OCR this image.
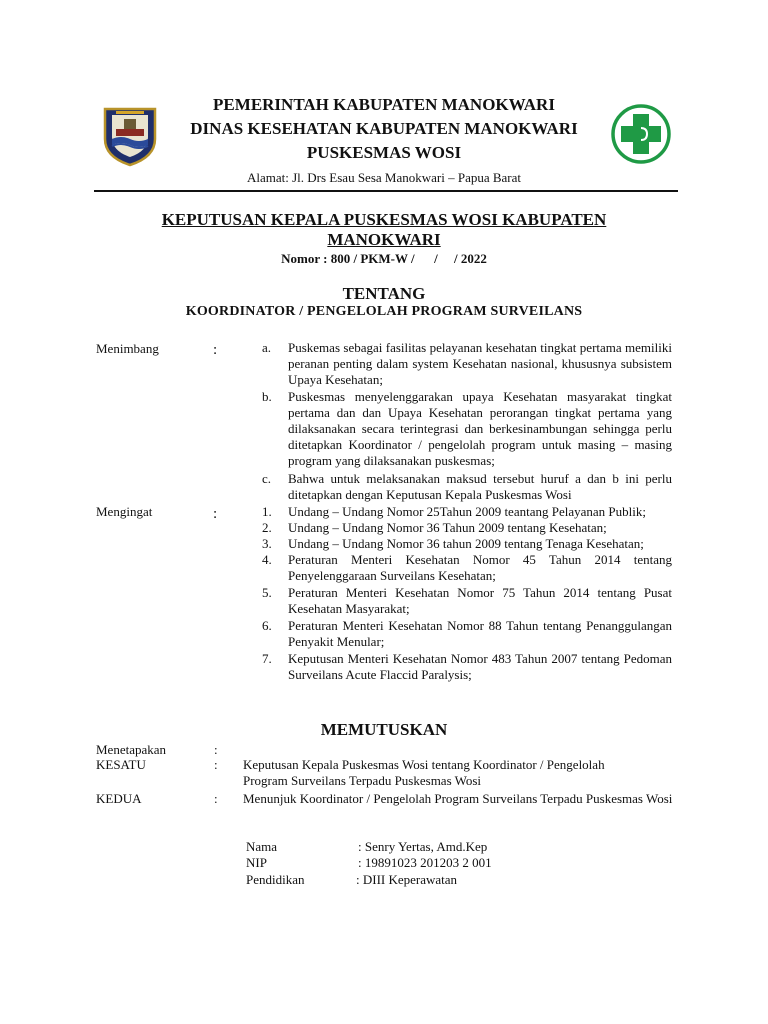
PEMERINTAH KABUPATEN MANOKWARI
DINAS KESEHATAN KABUPATEN MANOKWARI
PUSKESMAS WOSI
Alamat: Jl. Drs Esau Sesa Manokwari – Papua Barat
KEPUTUSAN KEPALA PUSKESMAS WOSI KABUPATEN MANOKWARI
Nomor : 800 / PKM-W /      /     / 2022
TENTANG
KOORDINATOR / PENGELOLAH PROGRAM SURVEILANS
Menimbang	:	a.	Puskemas sebagai fasilitas pelayanan kesehatan tingkat pertama memiliki peranan penting dalam system Kesehatan nasional, khususnya subsistem Upaya Kesehatan;
b.	Puskesmas menyelenggarakan upaya Kesehatan masyarakat tingkat pertama dan dan Upaya Kesehatan perorangan tingkat pertama yang dilaksanakan secara terintegrasi dan berkesinambungan sehingga perlu ditetapkan Koordinator / pengelolah program untuk masing – masing program yang dilaksanakan puskesmas;
c.	Bahwa untuk melaksanakan maksud tersebut huruf a dan b ini perlu ditetapkan dengan Keputusan Kepala Puskesmas Wosi
Mengingat	:	1.	Undang – Undang Nomor 25Tahun 2009 teantang Pelayanan Publik;
2.	Undang – Undang Nomor 36 Tahun 2009 tentang Kesehatan;
3.	Undang – Undang Nomor 36 tahun 2009 tentang Tenaga Kesehatan;
4.	Peraturan Menteri Kesehatan Nomor 45 Tahun 2014 tentang Penyelenggaraan Surveilans Kesehatan;
5.	Peraturan Menteri Kesehatan Nomor 75 Tahun 2014 tentang Pusat Kesehatan Masyarakat;
6.	Peraturan Menteri Kesehatan Nomor 88 Tahun tentang Penanggulangan Penyakit Menular;
7.	Keputusan Menteri Kesehatan Nomor 483 Tahun 2007 tentang Pedoman Surveilans Acute Flaccid Paralysis;
MEMUTUSKAN
Menetapakan	:
KESATU	: Keputusan Kepala Puskesmas Wosi tentang Koordinator / Pengelolah Program Surveilans Terpadu Puskesmas Wosi
KEDUA	: Menunjuk Koordinator / Pengelolah Program Surveilans Terpadu Puskesmas Wosi
Nama	: Senry Yertas, Amd.Kep
NIP	: 19891023 201203 2 001
Pendidikan	: DIII Keperawatan
